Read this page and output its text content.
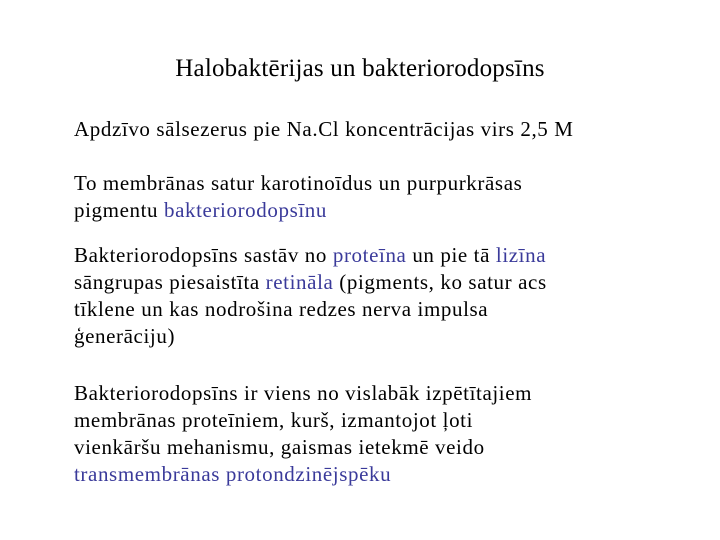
Halobaktērijas un bakteriorodopsīns
Apdzīvo sālsezerus pie Na.Cl koncentrācijas virs 2,5 M
To membrānas satur karotinoīdus un purpurkrāsas
pigmentu bakteriorodopsīnu
Bakteriorodopsīns sastāv no proteīna un pie tā lizīna
sāngrupas piesaistīta retināla (pigments, ko satur acs
tīklene un kas nodrošina redzes nerva impulsa
ģenerāciju)
Bakteriorodopsīns ir viens no vislabāk izpētītajiem
membrānas proteīniem, kurš, izmantojot ļoti
vienkāršu mehanismu, gaismas ietekmē veido
transmembrānas protondzinējspēku
